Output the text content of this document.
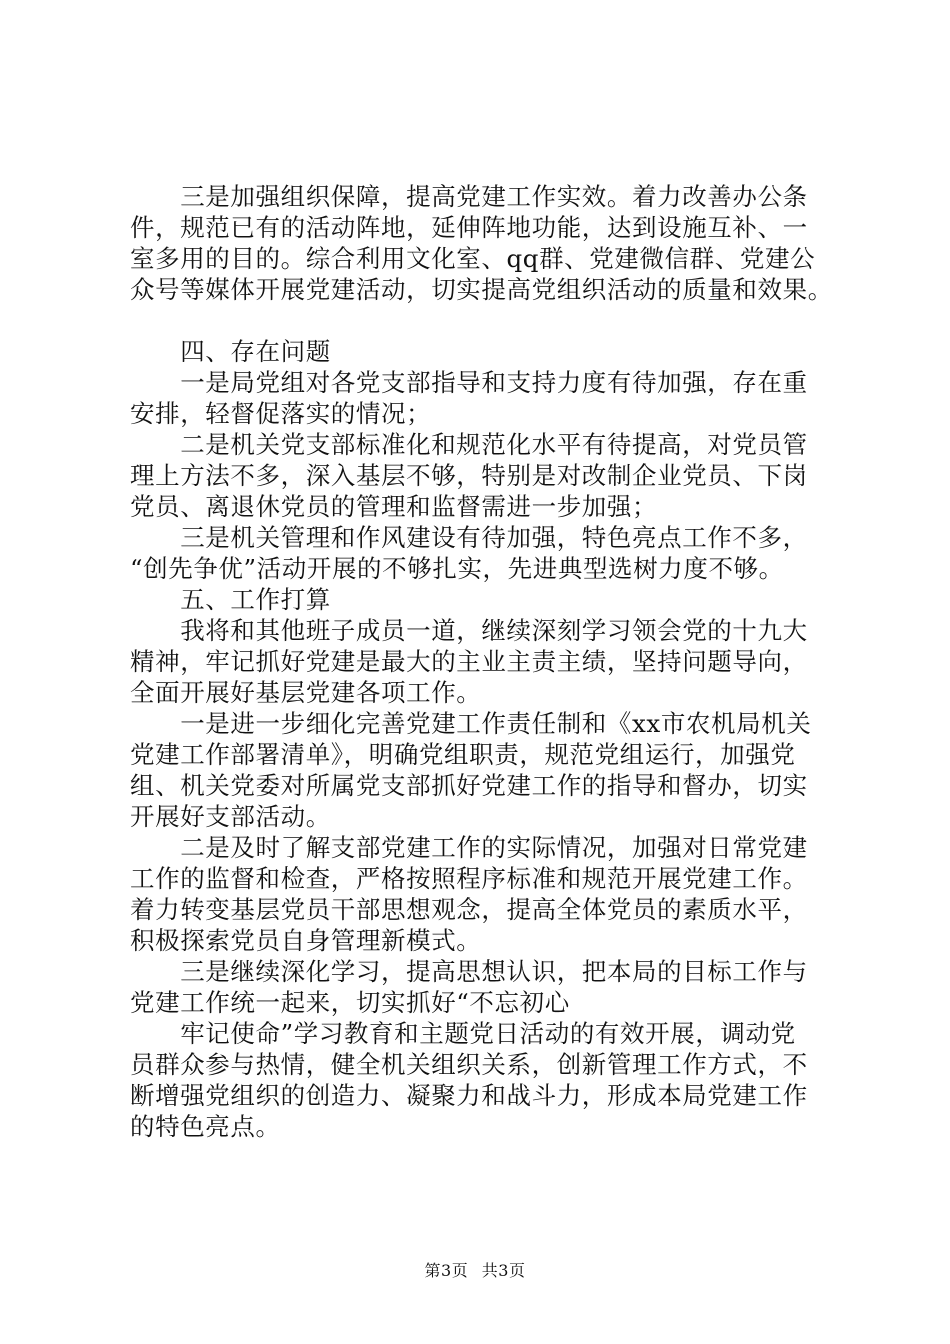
　　三是加强组织保障，提高党建工作实效。着力改善办公条
件，规范已有的活动阵地，延伸阵地功能，达到设施互补、一
室多用的目的。综合利用文化室、qq群、党建微信群、党建公
众号等媒体开展党建活动，切实提高党组织活动的质量和效果。
　　四、存在问题
　　一是局党组对各党支部指导和支持力度有待加强，存在重
安排，轻督促落实的情况；
　　二是机关党支部标准化和规范化水平有待提高，对党员管
理上方法不多，深入基层不够，特别是对改制企业党员、下岗
党员、离退休党员的管理和监督需进一步加强；
　　三是机关管理和作风建设有待加强，特色亮点工作不多，
“创先争优”活动开展的不够扎实，先进典型选树力度不够。
　　五、工作打算
　　我将和其他班子成员一道，继续深刻学习领会党的十九大
精神，牢记抓好党建是最大的主业主责主绩，坚持问题导向，
全面开展好基层党建各项工作。
　　一是进一步细化完善党建工作责任制和《xx市农机局机关
党建工作部署清单》，明确党组职责，规范党组运行，加强党
组、机关党委对所属党支部抓好党建工作的指导和督办，切实
开展好支部活动。
　　二是及时了解支部党建工作的实际情况，加强对日常党建
工作的监督和检查，严格按照程序标准和规范开展党建工作。
着力转变基层党员干部思想观念，提高全体党员的素质水平，
积极探索党员自身管理新模式。
　　三是继续深化学习，提高思想认识，把本局的目标工作与
党建工作统一起来，切实抓好“不忘初心
　　牢记使命”学习教育和主题党日活动的有效开展，调动党
员群众参与热情，健全机关组织关系，创新管理工作方式，不
断增强党组织的创造力、凝聚力和战斗力，形成本局党建工作
的特色亮点。
第3页 共3页
